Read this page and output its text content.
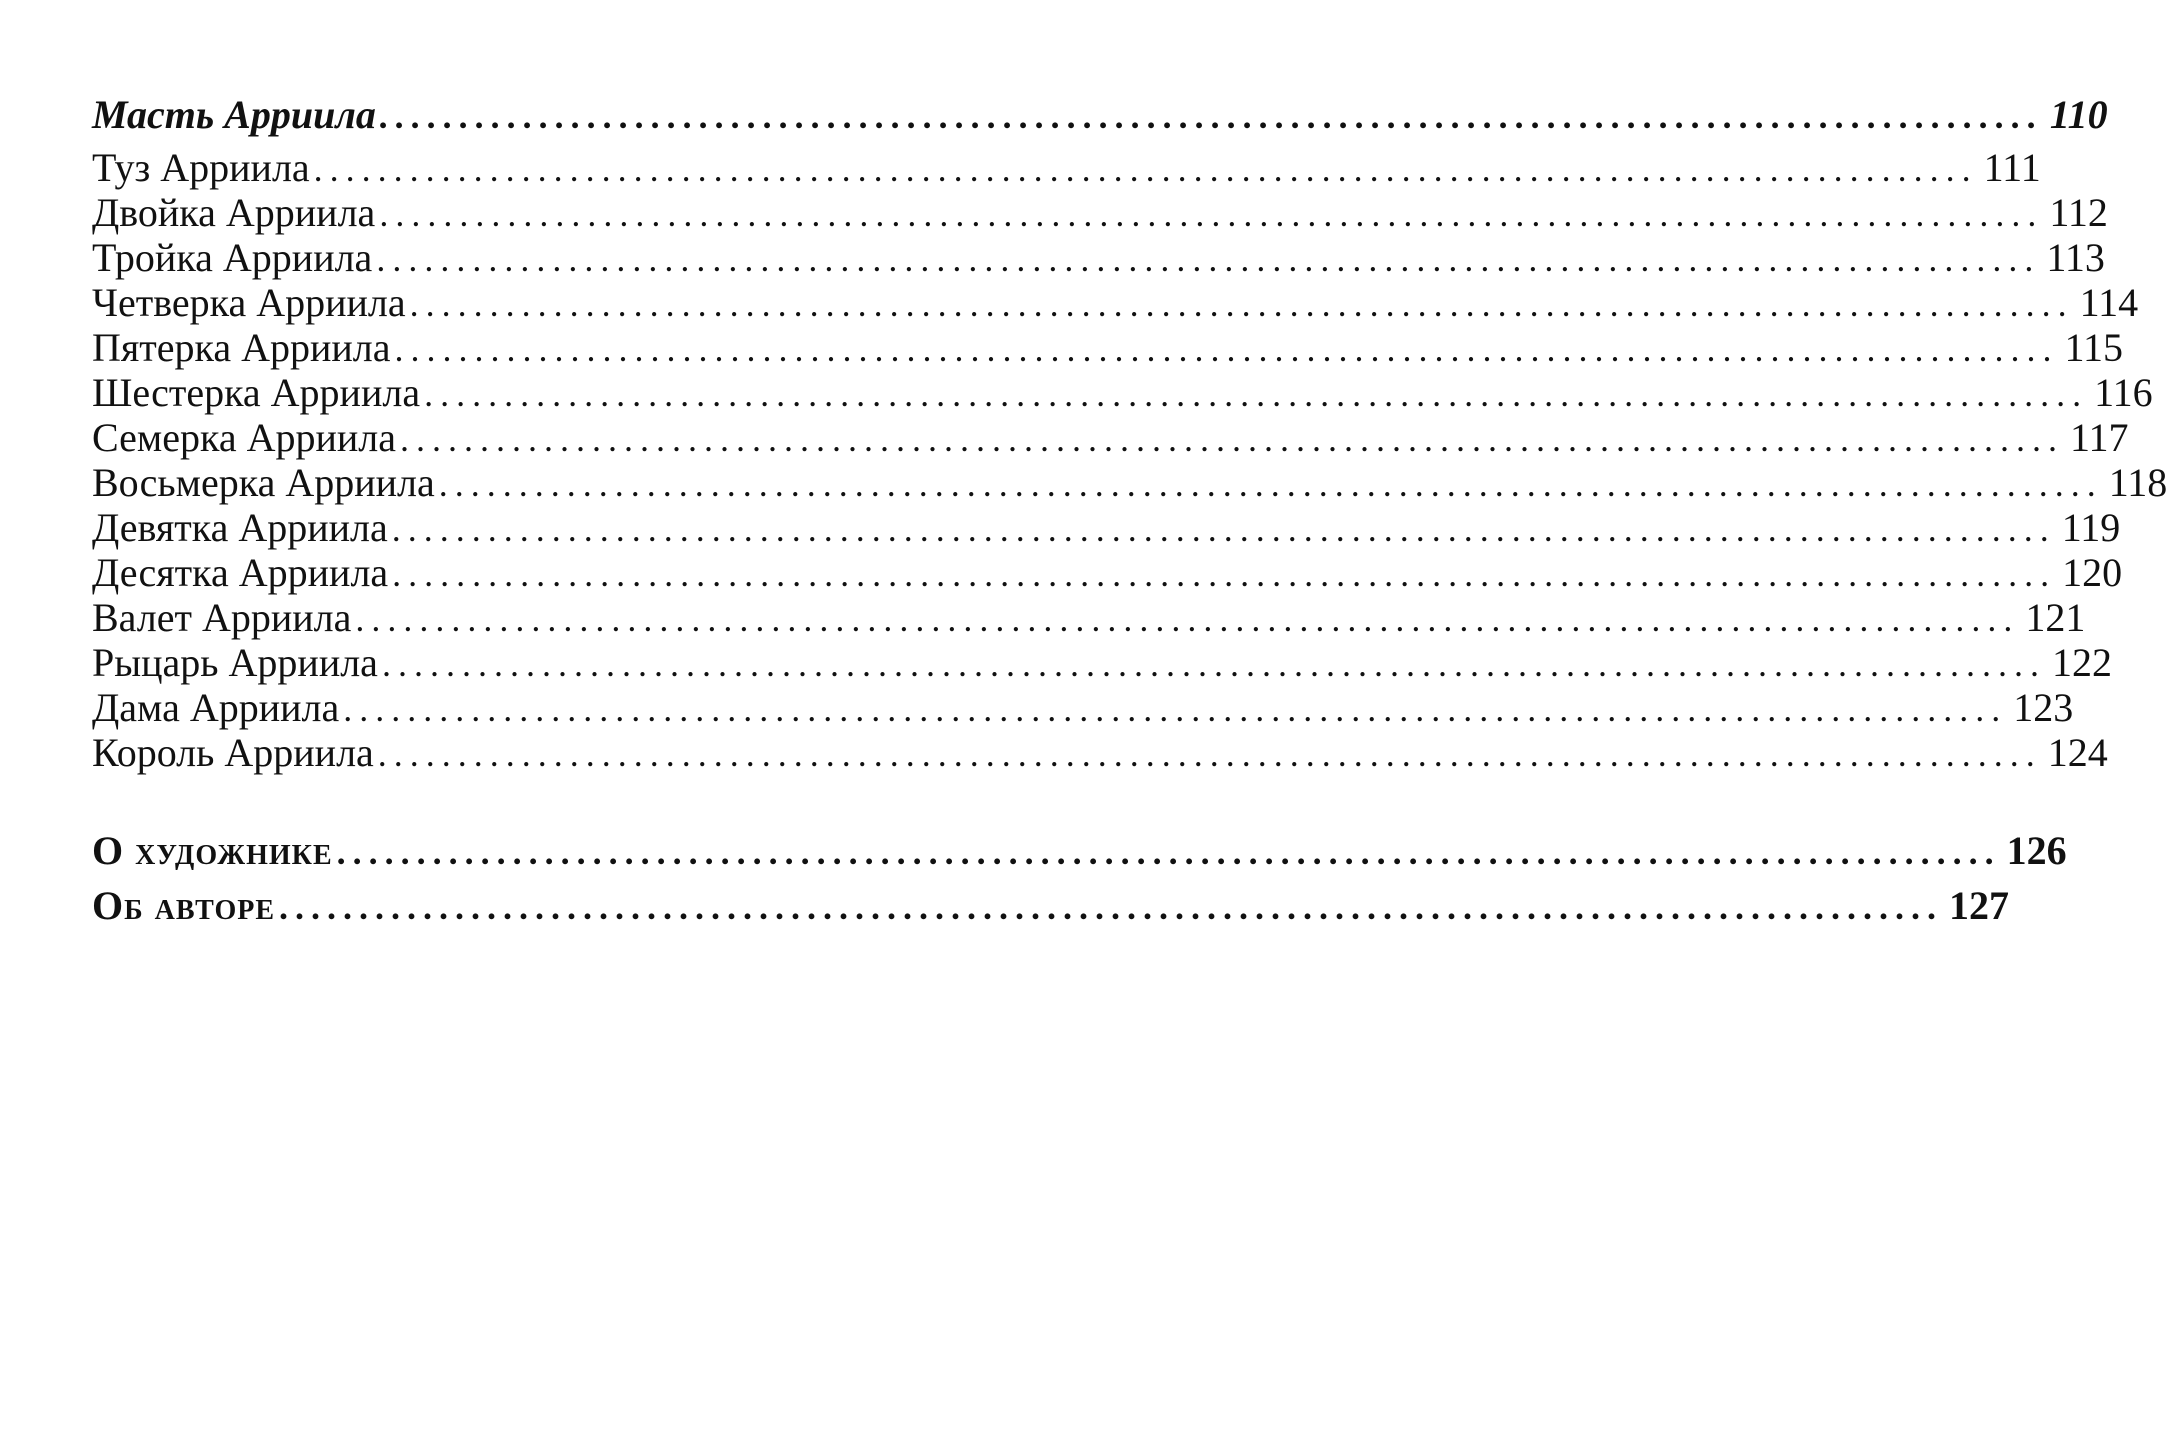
Масть Арриила ........................................................................................................ 110
Туз Арриила ........................................................................................................ 111
Двойка Арриила ........................................................................................................ 112
Тройка Арриила ........................................................................................................ 113
Четверка Арриила ........................................................................................................ 114
Пятерка Арриила ........................................................................................................ 115
Шестерка Арриила ........................................................................................................ 116
Семерка Арриила ........................................................................................................ 117
Восьмерка Арриила ........................................................................................................ 118
Девятка Арриила ........................................................................................................ 119
Десятка Арриила ........................................................................................................ 120
Валет Арриила ........................................................................................................ 121
Рыцарь Арриила ........................................................................................................ 122
Дама Арриила ........................................................................................................ 123
Король Арриила ........................................................................................................ 124
О художнике ........................................................................................................ 126
Об авторе ........................................................................................................ 127
